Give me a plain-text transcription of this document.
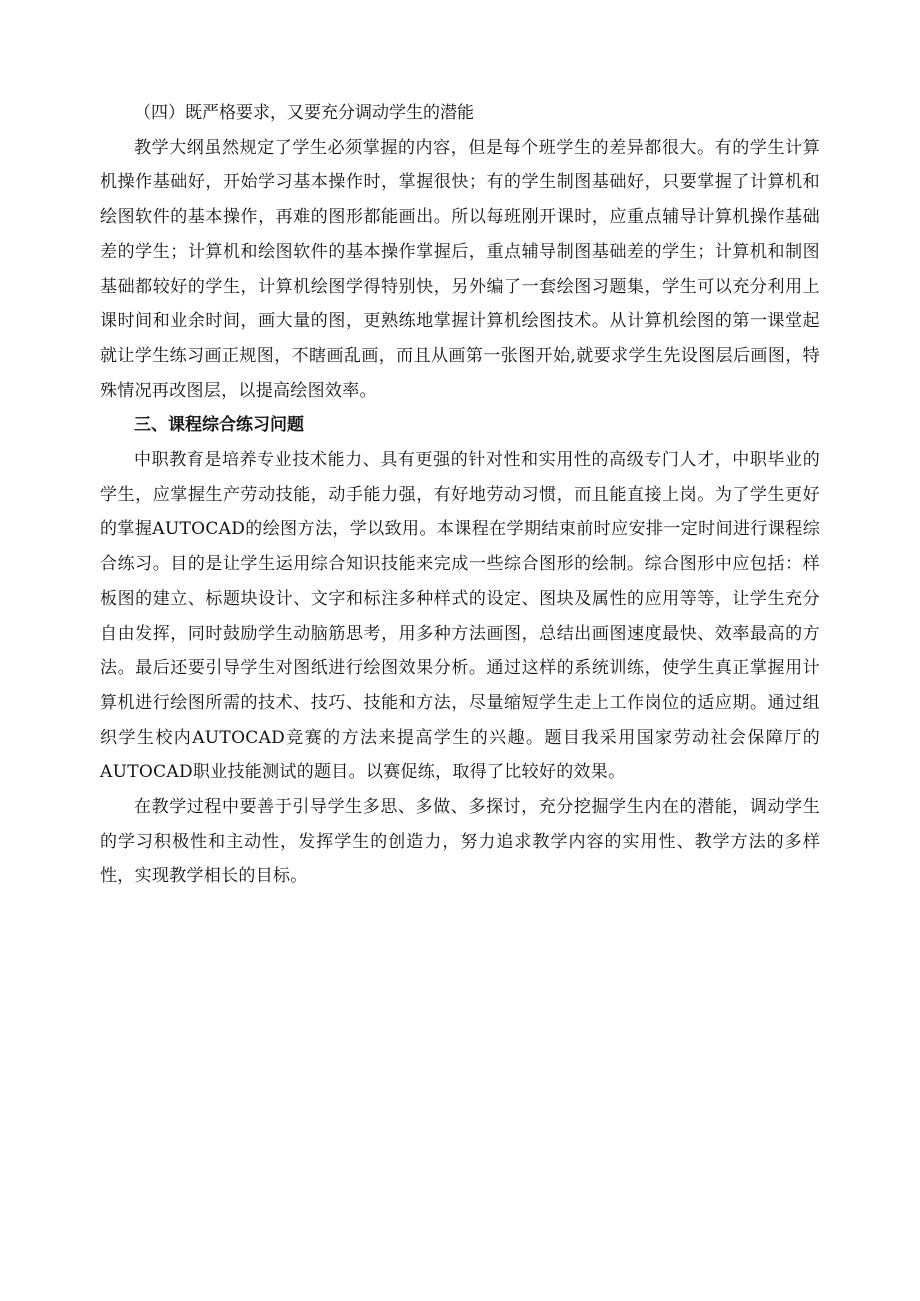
（四）既严格要求，又要充分调动学生的潜能

教学大纲虽然规定了学生必须掌握的内容，但是每个班学生的差异都很大。有的学生计算机操作基础好，开始学习基本操作时，掌握很快；有的学生制图基础好，只要掌握了计算机和绘图软件的基本操作，再难的图形都能画出。所以每班刚开课时，应重点辅导计算机操作基础差的学生；计算机和绘图软件的基本操作掌握后，重点辅导制图基础差的学生；计算机和制图基础都较好的学生，计算机绘图学得特别快，另外编了一套绘图习题集，学生可以充分利用上课时间和业余时间，画大量的图，更熟练地掌握计算机绘图技术。从计算机绘图的第一课堂起就让学生练习画正规图，不瞎画乱画，而且从画第一张图开始,就要求学生先设图层后画图，特殊情况再改图层，以提高绘图效率。

三、课程综合练习问题

中职教育是培养专业技术能力、具有更强的针对性和实用性的高级专门人才，中职毕业的学生，应掌握生产劳动技能，动手能力强，有好地劳动习惯，而且能直接上岗。为了学生更好的掌握AUTOCAD的绘图方法，学以致用。本课程在学期结束前时应安排一定时间进行课程综合练习。目的是让学生运用综合知识技能来完成一些综合图形的绘制。综合图形中应包括：样板图的建立、标题块设计、文字和标注多种样式的设定、图块及属性的应用等等，让学生充分自由发挥，同时鼓励学生动脑筋思考，用多种方法画图，总结出画图速度最快、效率最高的方法。最后还要引导学生对图纸进行绘图效果分析。通过这样的系统训练，使学生真正掌握用计算机进行绘图所需的技术、技巧、技能和方法，尽量缩短学生走上工作岗位的适应期。通过组织学生校内AUTOCAD竞赛的方法来提高学生的兴趣。题目我采用国家劳动社会保障厅的AUTOCAD职业技能测试的题目。以赛促练，取得了比较好的效果。

在教学过程中要善于引导学生多思、多做、多探讨，充分挖掘学生内在的潜能，调动学生的学习积极性和主动性，发挥学生的创造力，努力追求教学内容的实用性、教学方法的多样性，实现教学相长的目标。
